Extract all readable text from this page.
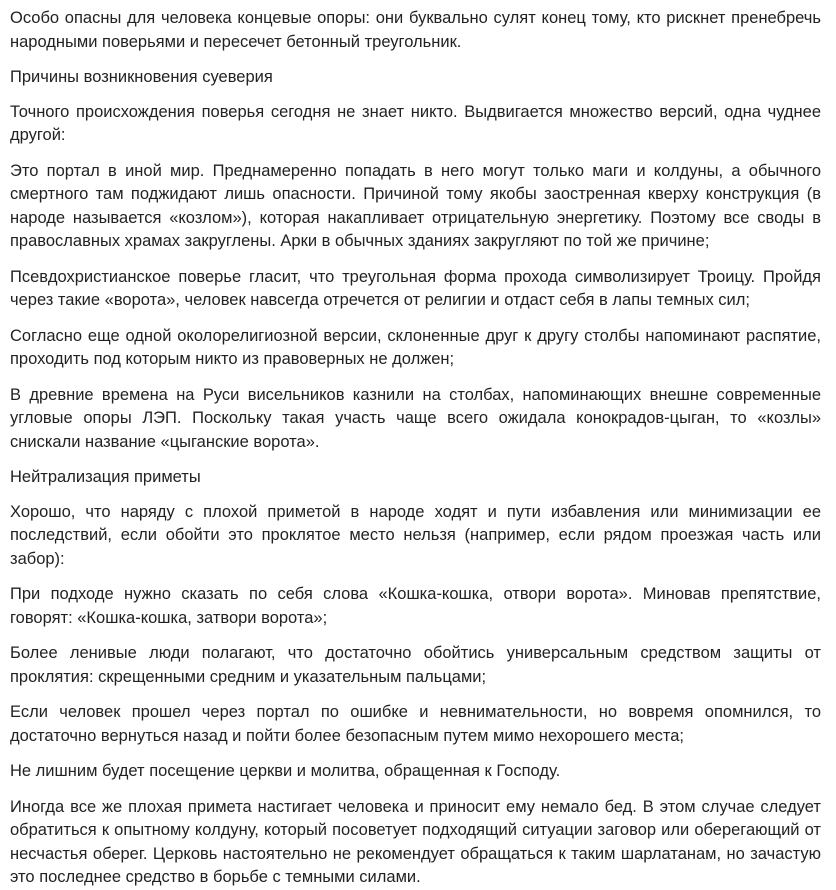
Особо опасны для человека концевые опоры: они буквально сулят конец тому, кто рискнет пренебречь народными поверьями и пересечет бетонный треугольник.

Причины возникновения суеверия

Точного происхождения поверья сегодня не знает никто. Выдвигается множество версий, одна чуднее другой:

Это портал в иной мир. Преднамеренно попадать в него могут только маги и колдуны, а обычного смертного там поджидают лишь опасности. Причиной тому якобы заостренная кверху конструкция (в народе называется «козлом»), которая накапливает отрицательную энергетику. Поэтому все своды в православных храмах закруглены. Арки в обычных зданиях закругляют по той же причине;

Псевдохристианское поверье гласит, что треугольная форма прохода символизирует Троицу. Пройдя через такие «ворота», человек навсегда отречется от религии и отдаст себя в лапы темных сил;

Согласно еще одной околорелигиозной версии, склоненные друг к другу столбы напоминают распятие, проходить под которым никто из правоверных не должен;

В древние времена на Руси висельников казнили на столбах, напоминающих внешне современные угловые опоры ЛЭП. Поскольку такая участь чаще всего ожидала конокрадов-цыган, то «козлы» снискали название «цыганские ворота».

Нейтрализация приметы

Хорошо, что наряду с плохой приметой в народе ходят и пути избавления или минимизации ее последствий, если обойти это проклятое место нельзя (например, если рядом проезжая часть или забор):

При подходе нужно сказать по себя слова «Кошка-кошка, отвори ворота». Миновав препятствие, говорят: «Кошка-кошка, затвори ворота»;

Более ленивые люди полагают, что достаточно обойтись универсальным средством защиты от проклятия: скрещенными средним и указательным пальцами;

Если человек прошел через портал по ошибке и невнимательности, но вовремя опомнился, то достаточно вернуться назад и пойти более безопасным путем мимо нехорошего места;

Не лишним будет посещение церкви и молитва, обращенная к Господу.

Иногда все же плохая примета настигает человека и приносит ему немало бед. В этом случае следует обратиться к опытному колдуну, который посоветует подходящий ситуации заговор или оберегающий от несчастья оберег. Церковь настоятельно не рекомендует обращаться к таким шарлатанам, но зачастую это последнее средство в борьбе с темными силами.
